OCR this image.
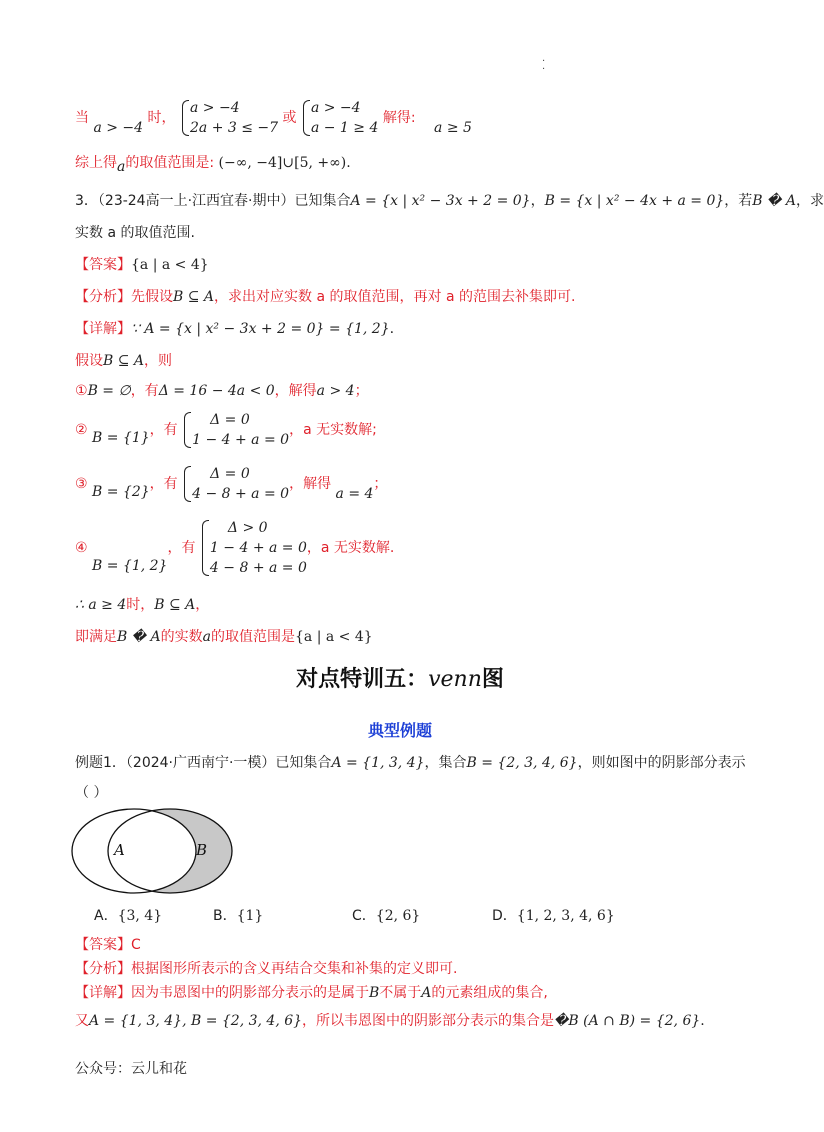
·
·
当 a > −4 时，
a > −4
2a + 3 ≤ −7
或
a > −4
a − 1 ≥ 4
解得: a ≥ 5
综上得a的取值范围是: (−∞, −4]∪[5, +∞).
3．（23-24高一上·江西宜春·期中）已知集合A = {x | x² − 3x + 2 = 0}，B = {x | x² − 4x + a = 0}，若B � A，求
实数 a 的取值范围.
【答案】{a | a < 4}
【分析】先假设B ⊆ A，求出对应实数 a 的取值范围，再对 a 的范围去补集即可.
【详解】∵ A = {x | x² − 3x + 2 = 0} = {1, 2}.
假设B ⊆ A，则
①B = ∅，有Δ = 16 − 4a < 0，解得a > 4；
② B = {1}，有
Δ = 0
1 − 4 + a = 0
，a 无实数解;
③ B = {2}，有
Δ = 0
4 − 8 + a = 0
，解得 a = 4；
④ B = {1, 2}，有
Δ > 0
1 − 4 + a = 0
4 − 8 + a = 0
，a 无实数解.
∴ a ≥ 4时，B ⊆ A，
即满足B � A的实数a的取值范围是{a | a < 4}
对点特训五：venn图
典型例题
例题1．（2024·广西南宁·一模）已知集合A = {1, 3, 4}，集合B = {2, 3, 4, 6}，则如图中的阴影部分表示
（ ）
A	B
A．{3, 4}	B．{1}	C．{2, 6}	D．{1, 2, 3, 4, 6}
【答案】C
【分析】根据图形所表示的含义再结合交集和补集的定义即可.
【详解】因为韦恩图中的阴影部分表示的是属于B不属于A的元素组成的集合,
又A = {1, 3, 4}, B = {2, 3, 4, 6}，所以韦恩图中的阴影部分表示的集合是�B (A ∩ B) = {2, 6}.
公众号：云儿和花
